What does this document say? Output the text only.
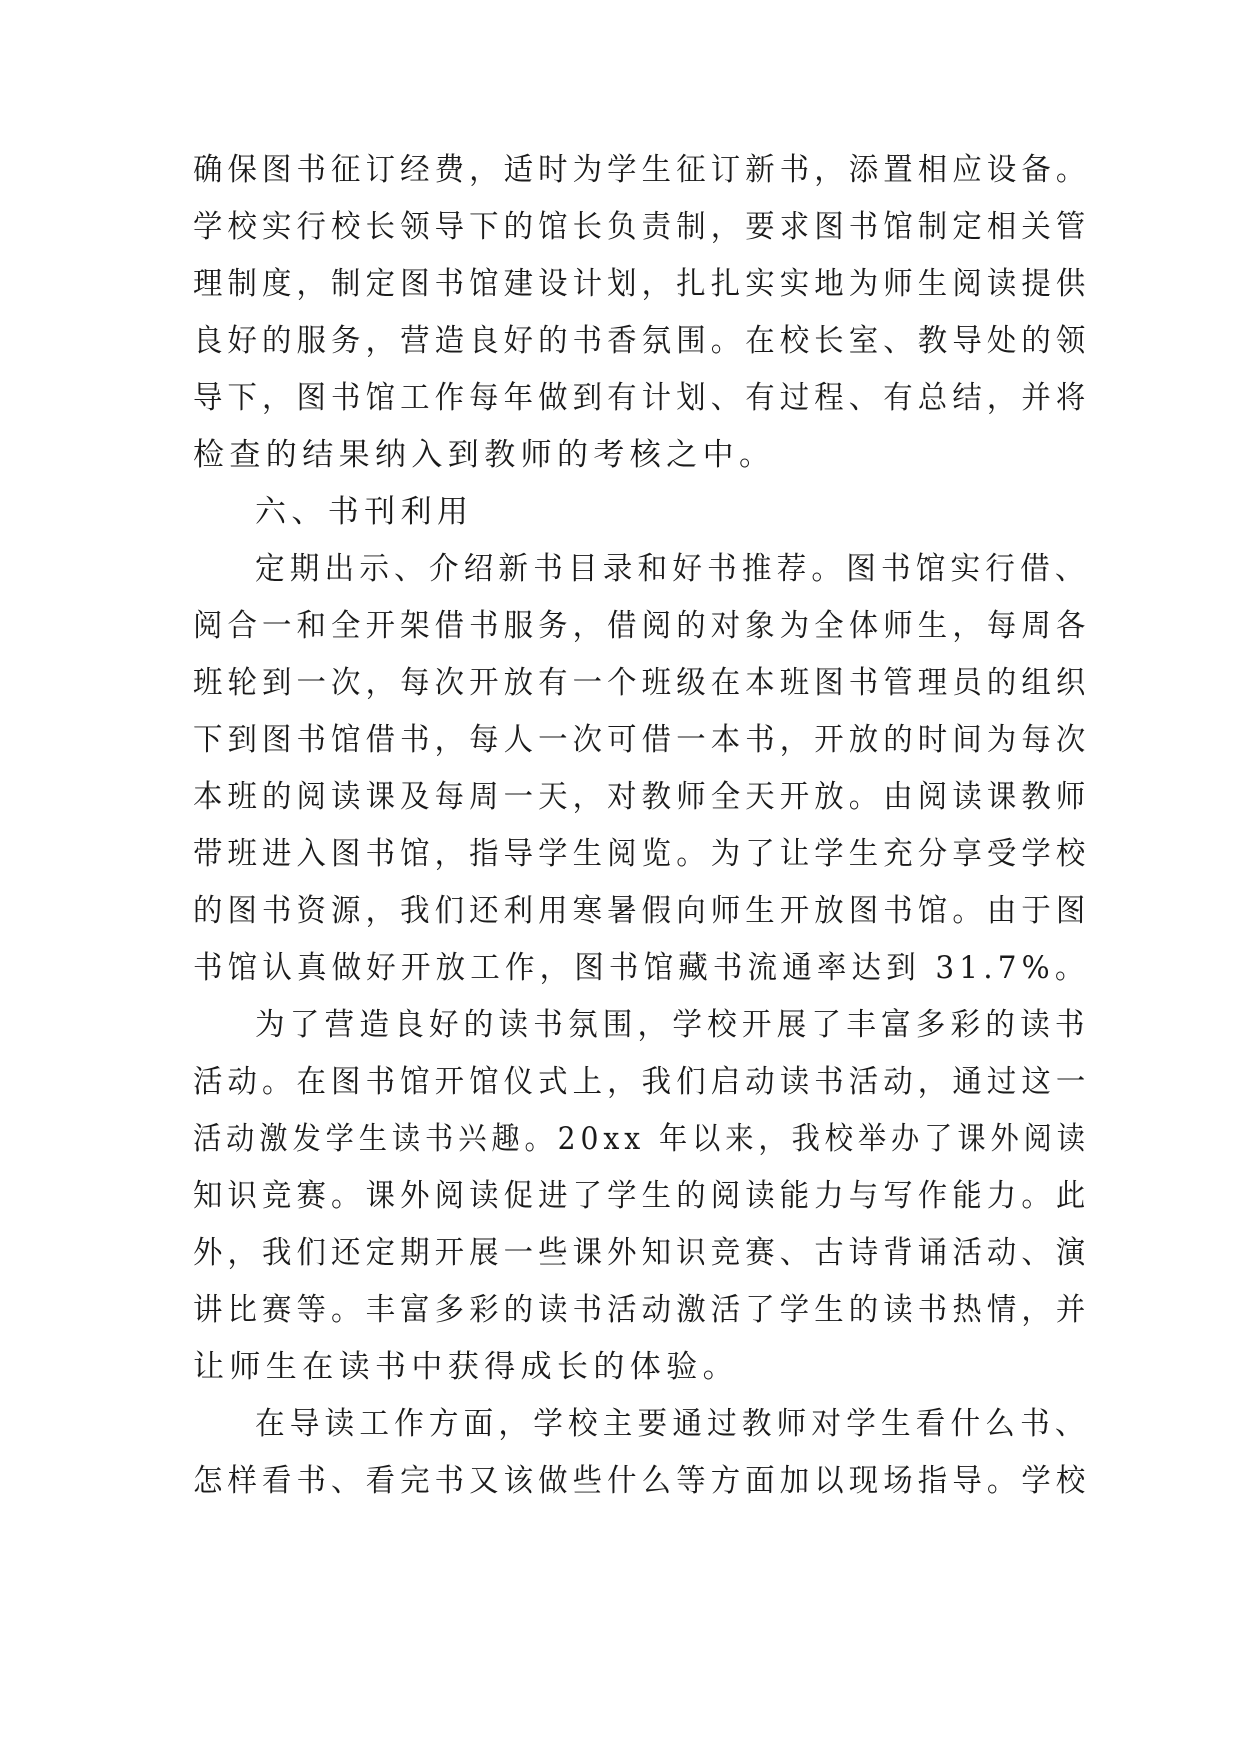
确保图书征订经费，适时为学生征订新书，添置相应设备。
学校实行校长领导下的馆长负责制，要求图书馆制定相关管
理制度，制定图书馆建设计划，扎扎实实地为师生阅读提供
良好的服务，营造良好的书香氛围。在校长室、教导处的领
导下，图书馆工作每年做到有计划、有过程、有总结，并将
检查的结果纳入到教师的考核之中。
六、书刊利用
定期出示、介绍新书目录和好书推荐。图书馆实行借、
阅合一和全开架借书服务，借阅的对象为全体师生，每周各
班轮到一次，每次开放有一个班级在本班图书管理员的组织
下到图书馆借书，每人一次可借一本书，开放的时间为每次
本班的阅读课及每周一天，对教师全天开放。由阅读课教师
带班进入图书馆，指导学生阅览。为了让学生充分享受学校
的图书资源，我们还利用寒暑假向师生开放图书馆。由于图
书馆认真做好开放工作，图书馆藏书流通率达到 31.7%。
为了营造良好的读书氛围，学校开展了丰富多彩的读书
活动。在图书馆开馆仪式上，我们启动读书活动，通过这一
活动激发学生读书兴趣。20xx 年以来，我校举办了课外阅读
知识竞赛。课外阅读促进了学生的阅读能力与写作能力。此
外，我们还定期开展一些课外知识竞赛、古诗背诵活动、演
讲比赛等。丰富多彩的读书活动激活了学生的读书热情，并
让师生在读书中获得成长的体验。
在导读工作方面，学校主要通过教师对学生看什么书、
怎样看书、看完书又该做些什么等方面加以现场指导。学校
